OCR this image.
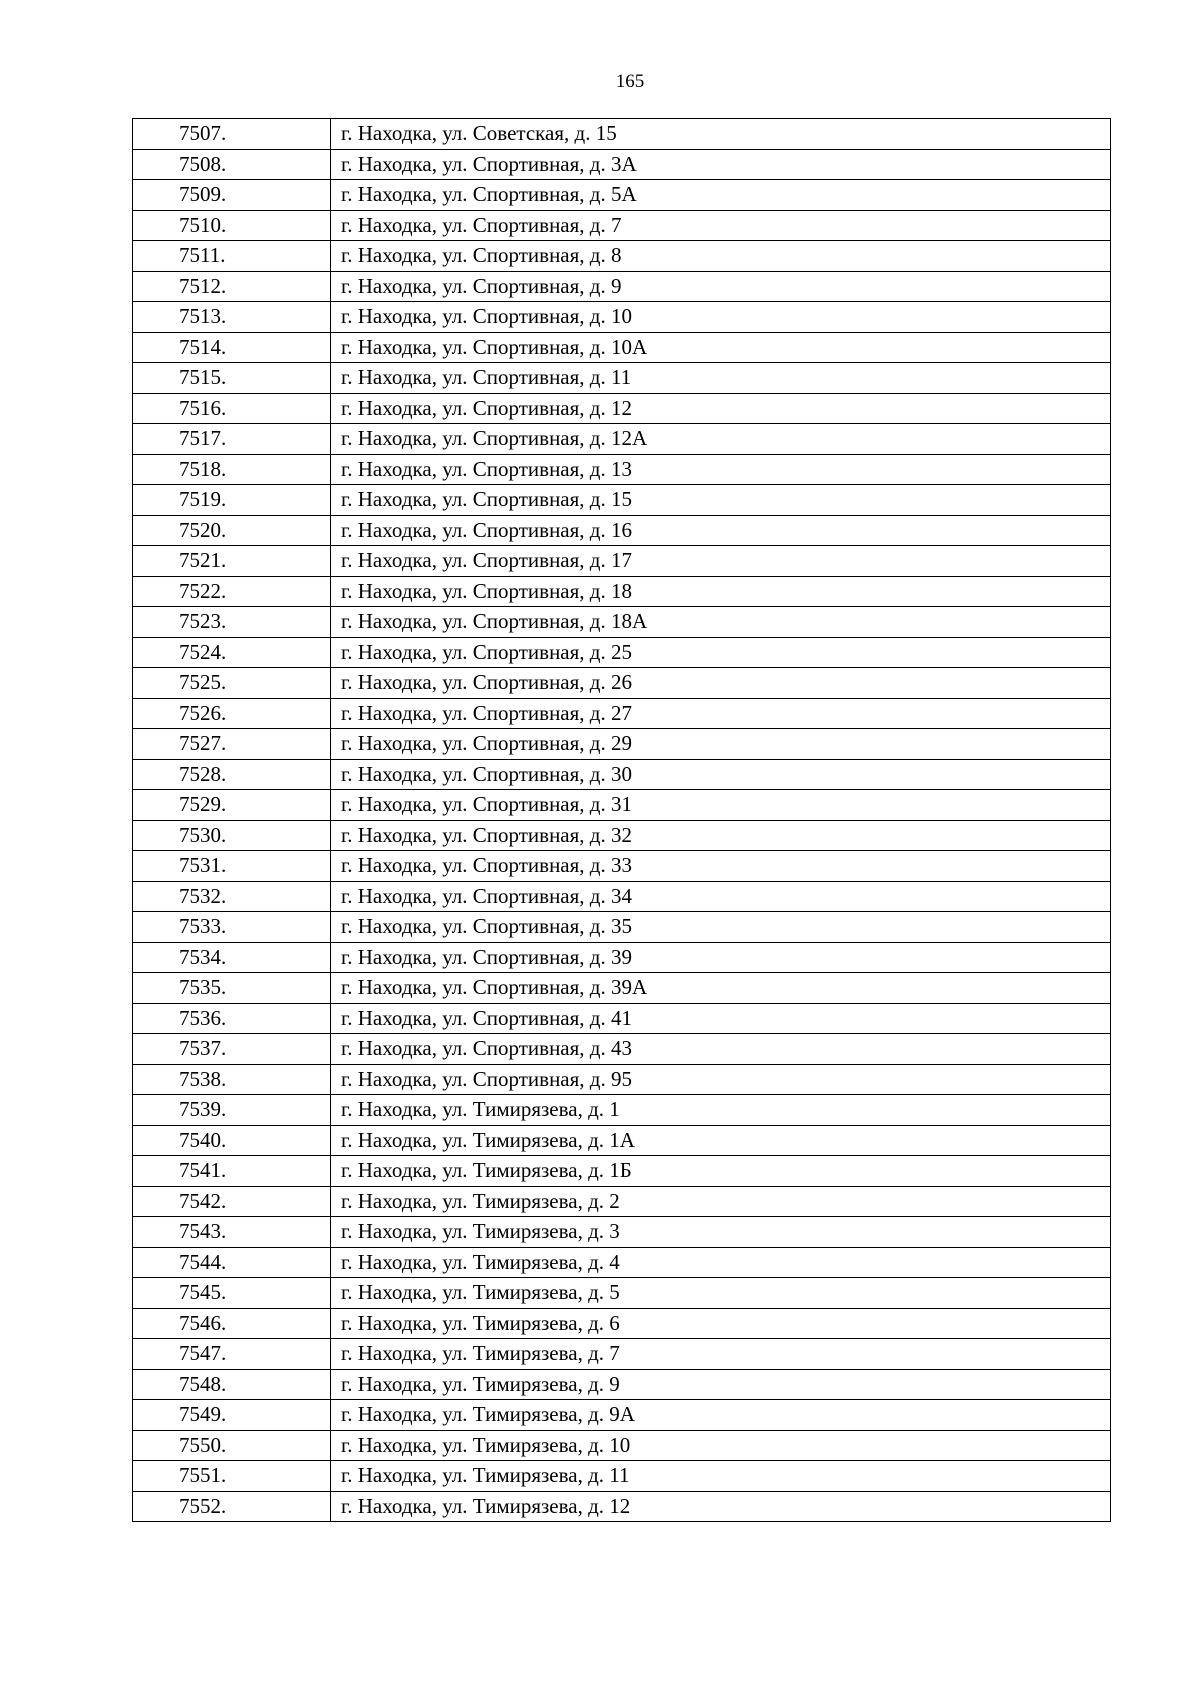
165
7507.	г. Находка, ул. Советская, д. 15
7508.	г. Находка, ул. Спортивная, д. 3А
7509.	г. Находка, ул. Спортивная, д. 5А
7510.	г. Находка, ул. Спортивная, д. 7
7511.	г. Находка, ул. Спортивная, д. 8
7512.	г. Находка, ул. Спортивная, д. 9
7513.	г. Находка, ул. Спортивная, д. 10
7514.	г. Находка, ул. Спортивная, д. 10А
7515.	г. Находка, ул. Спортивная, д. 11
7516.	г. Находка, ул. Спортивная, д. 12
7517.	г. Находка, ул. Спортивная, д. 12А
7518.	г. Находка, ул. Спортивная, д. 13
7519.	г. Находка, ул. Спортивная, д. 15
7520.	г. Находка, ул. Спортивная, д. 16
7521.	г. Находка, ул. Спортивная, д. 17
7522.	г. Находка, ул. Спортивная, д. 18
7523.	г. Находка, ул. Спортивная, д. 18А
7524.	г. Находка, ул. Спортивная, д. 25
7525.	г. Находка, ул. Спортивная, д. 26
7526.	г. Находка, ул. Спортивная, д. 27
7527.	г. Находка, ул. Спортивная, д. 29
7528.	г. Находка, ул. Спортивная, д. 30
7529.	г. Находка, ул. Спортивная, д. 31
7530.	г. Находка, ул. Спортивная, д. 32
7531.	г. Находка, ул. Спортивная, д. 33
7532.	г. Находка, ул. Спортивная, д. 34
7533.	г. Находка, ул. Спортивная, д. 35
7534.	г. Находка, ул. Спортивная, д. 39
7535.	г. Находка, ул. Спортивная, д. 39А
7536.	г. Находка, ул. Спортивная, д. 41
7537.	г. Находка, ул. Спортивная, д. 43
7538.	г. Находка, ул. Спортивная, д. 95
7539.	г. Находка, ул. Тимирязева, д. 1
7540.	г. Находка, ул. Тимирязева, д. 1А
7541.	г. Находка, ул. Тимирязева, д. 1Б
7542.	г. Находка, ул. Тимирязева, д. 2
7543.	г. Находка, ул. Тимирязева, д. 3
7544.	г. Находка, ул. Тимирязева, д. 4
7545.	г. Находка, ул. Тимирязева, д. 5
7546.	г. Находка, ул. Тимирязева, д. 6
7547.	г. Находка, ул. Тимирязева, д. 7
7548.	г. Находка, ул. Тимирязева, д. 9
7549.	г. Находка, ул. Тимирязева, д. 9А
7550.	г. Находка, ул. Тимирязева, д. 10
7551.	г. Находка, ул. Тимирязева, д. 11
7552.	г. Находка, ул. Тимирязева, д. 12
